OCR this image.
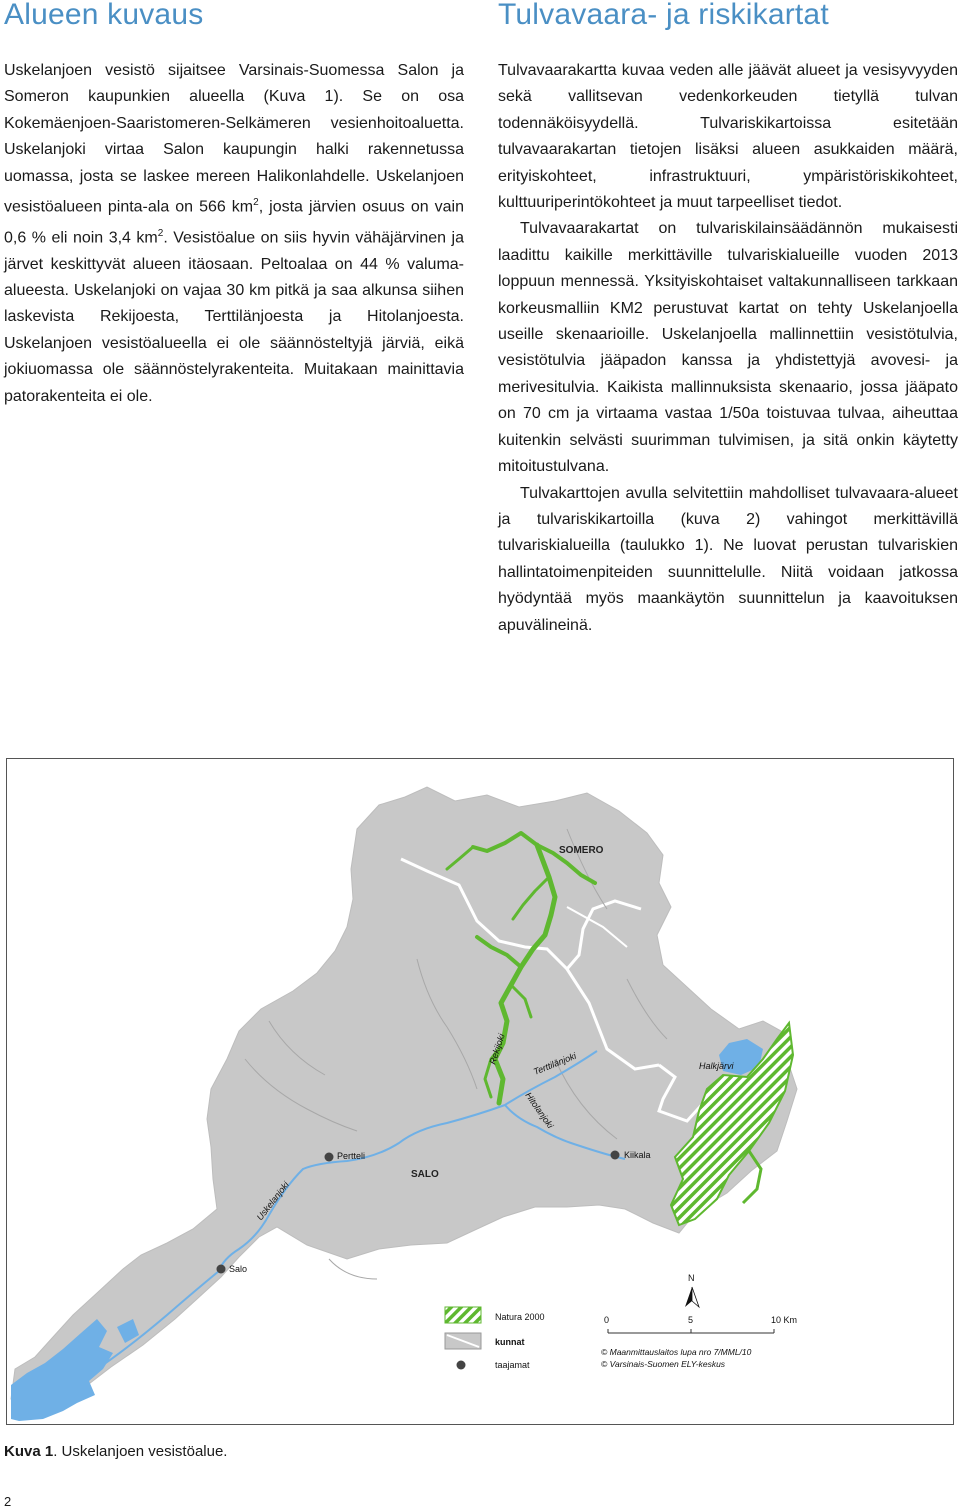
Alueen kuvaus

Uskelanjoen vesistö sijaitsee Varsinais-Suomessa Salon ja Someron kaupunkien alueella (Kuva 1). Se on osa Kokemäenjoen-Saaristomeren-Selkämeren vesienhoitoaluetta. Uskelanjoki virtaa Salon kaupungin halki rakennetussa uomassa, josta se laskee mereen Halikonlahdelle. Uskelanjoen vesistöalueen pinta-ala on 566 $km^2$, josta järvien osuus on vain 0,6 % eli noin 3,4 $km^2$. Vesistöalue on siis hyvin vähäjärvinen ja järvet keskittyvät alueen itäosaan. Peltoalaa on 44 % valuma-alueesta. Uskelanjoki on vajaa 30 km pitkä ja saa alkunsa siihen laskevista Rekijoesta, Terttilänjoesta ja Hitolanjoesta. Uskelanjoen vesistöalueella ei ole säännösteltyjä järviä, eikä jokiuomassa ole säännöstelyrakenteita. Muitakaan mainittavia patorakenteita ei ole.

Tulvavaara- ja riskikartat

Tulvavaarakartta kuvaa veden alle jäävät alueet ja vesisyvyyden sekä vallitsevan vedenkorkeuden tietyllä tulvan todennäköisyydellä. Tulvariskikartoissa esitetään tulvavaarakartan tietojen lisäksi alueen asukkaiden määrä, erityiskohteet, infrastruktuuri, ympäristöriskikohteet, kulttuuriperintökohteet ja muut tarpeelliset tiedot.

Tulvavaarakartat on tulvariskilainsäädännön mukaisesti laadittu kaikille merkittäville tulvariskialueille vuoden 2013 loppuun mennessä. Yksityiskohtaiset valtakunnalliseen tarkkaan korkeusmalliin KM2 perustuvat kartat on tehty Uskelanjoella useille skenaarioille. Uskelanjoella mallinnettiin vesistötulvia, vesistötulvia jääpadon kanssa ja yhdistettyjä avovesi- ja merivesitulvia. Kaikista mallinnuksista skenaario, jossa jääpato on 70 cm ja virtaama vastaa 1/50a toistuvaa tulvaa, aiheuttaa kuitenkin selvästi suurimman tulvimisen, ja sitä onkin käytetty mitoitustulvana.

Tulvakarttojen avulla selvitettiin mahdolliset tulvavaara-alueet ja tulvariskikartoilla (kuva 2) vahingot merkittävillä tulvariskialueilla (taulukko 1). Ne luovat perustan tulvariskien hallintatoimenpiteiden suunnittelulle. Niitä voidaan jatkossa hyödyntää myös maankäytön suunnittelun ja kaavoituksen apuvälineinä.

SOMERO
SALO
Rekijoki	Terttilänjoki
Hitolanjoki
Uskelanjoki
Halkjärvi
Pertteli	Kiikala
Salo
N
Natura 2000
kunnat
taajamat
0	5	10 Km
© Maanmittauslaitos lupa nro 7/MML/10
© Varsinais-Suomen ELY-keskus
Kuva 1. Uskelanjoen vesistöalue.
2
